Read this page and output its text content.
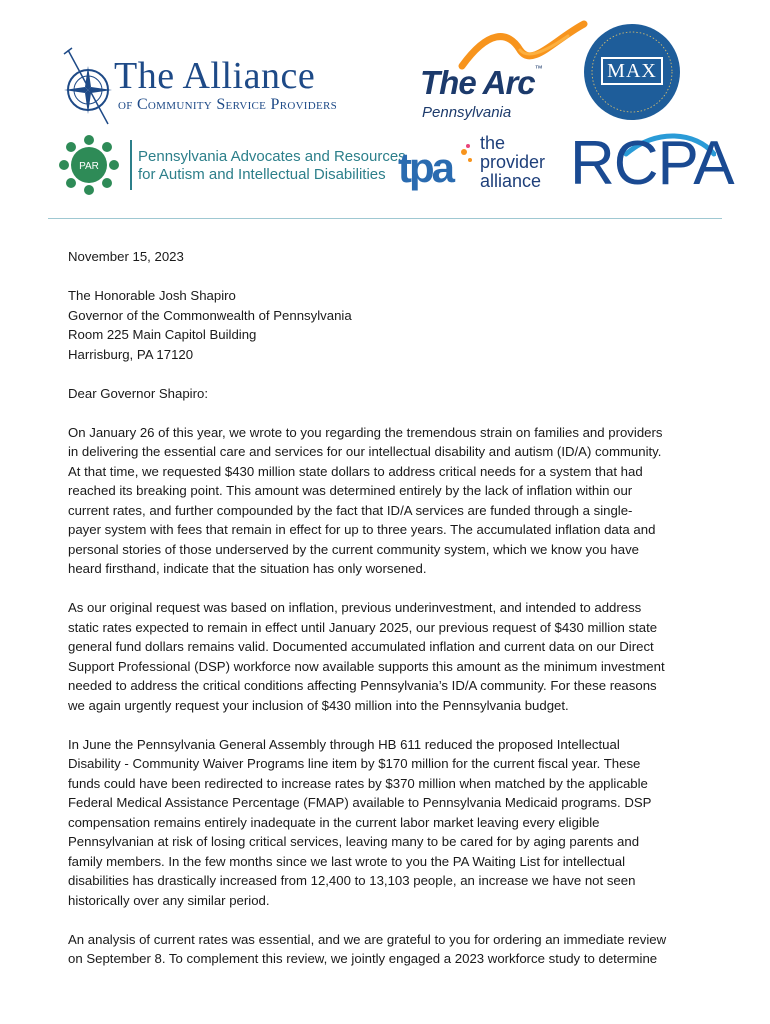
The Alliance
of Community Service Providers
The Arc™
Pennsylvania
MAX
PAR
Pennsylvania Advocates and Resources
for Autism and Intellectual Disabilities tpa
the
provider
alliance RCPA

November 15, 2023

The Honorable Josh Shapiro

Governor of the Commonwealth of Pennsylvania

Room 225 Main Capitol Building

Harrisburg, PA 17120

Dear Governor Shapiro:

On January 26 of this year, we wrote to you regarding the tremendous strain on families and providers

in delivering the essential care and services for our intellectual disability and autism (ID/A) community.

At that time, we requested $430 million state dollars to address critical needs for a system that had

reached its breaking point. This amount was determined entirely by the lack of inflation within our

current rates, and further compounded by the fact that ID/A services are funded through a single-

payer system with fees that remain in effect for up to three years. The accumulated inflation data and

personal stories of those underserved by the current community system, which we know you have

heard firsthand, indicate that the situation has only worsened.

As our original request was based on inflation, previous underinvestment, and intended to address

static rates expected to remain in effect until January 2025, our previous request of $430 million state

general fund dollars remains valid. Documented accumulated inflation and current data on our Direct

Support Professional (DSP) workforce now available supports this amount as the minimum investment

needed to address the critical conditions affecting Pennsylvania’s ID/A community. For these reasons

we again urgently request your inclusion of $430 million into the Pennsylvania budget.

In June the Pennsylvania General Assembly through HB 611 reduced the proposed Intellectual

Disability - Community Waiver Programs line item by $170 million for the current fiscal year. These

funds could have been redirected to increase rates by $370 million when matched by the applicable

Federal Medical Assistance Percentage (FMAP) available to Pennsylvania Medicaid programs. DSP

compensation remains entirely inadequate in the current labor market leaving every eligible

Pennsylvanian at risk of losing critical services, leaving many to be cared for by aging parents and

family members. In the few months since we last wrote to you the PA Waiting List for intellectual

disabilities has drastically increased from 12,400 to 13,103 people, an increase we have not seen

historically over any similar period.

An analysis of current rates was essential, and we are grateful to you for ordering an immediate review

on September 8. To complement this review, we jointly engaged a 2023 workforce study to determine
